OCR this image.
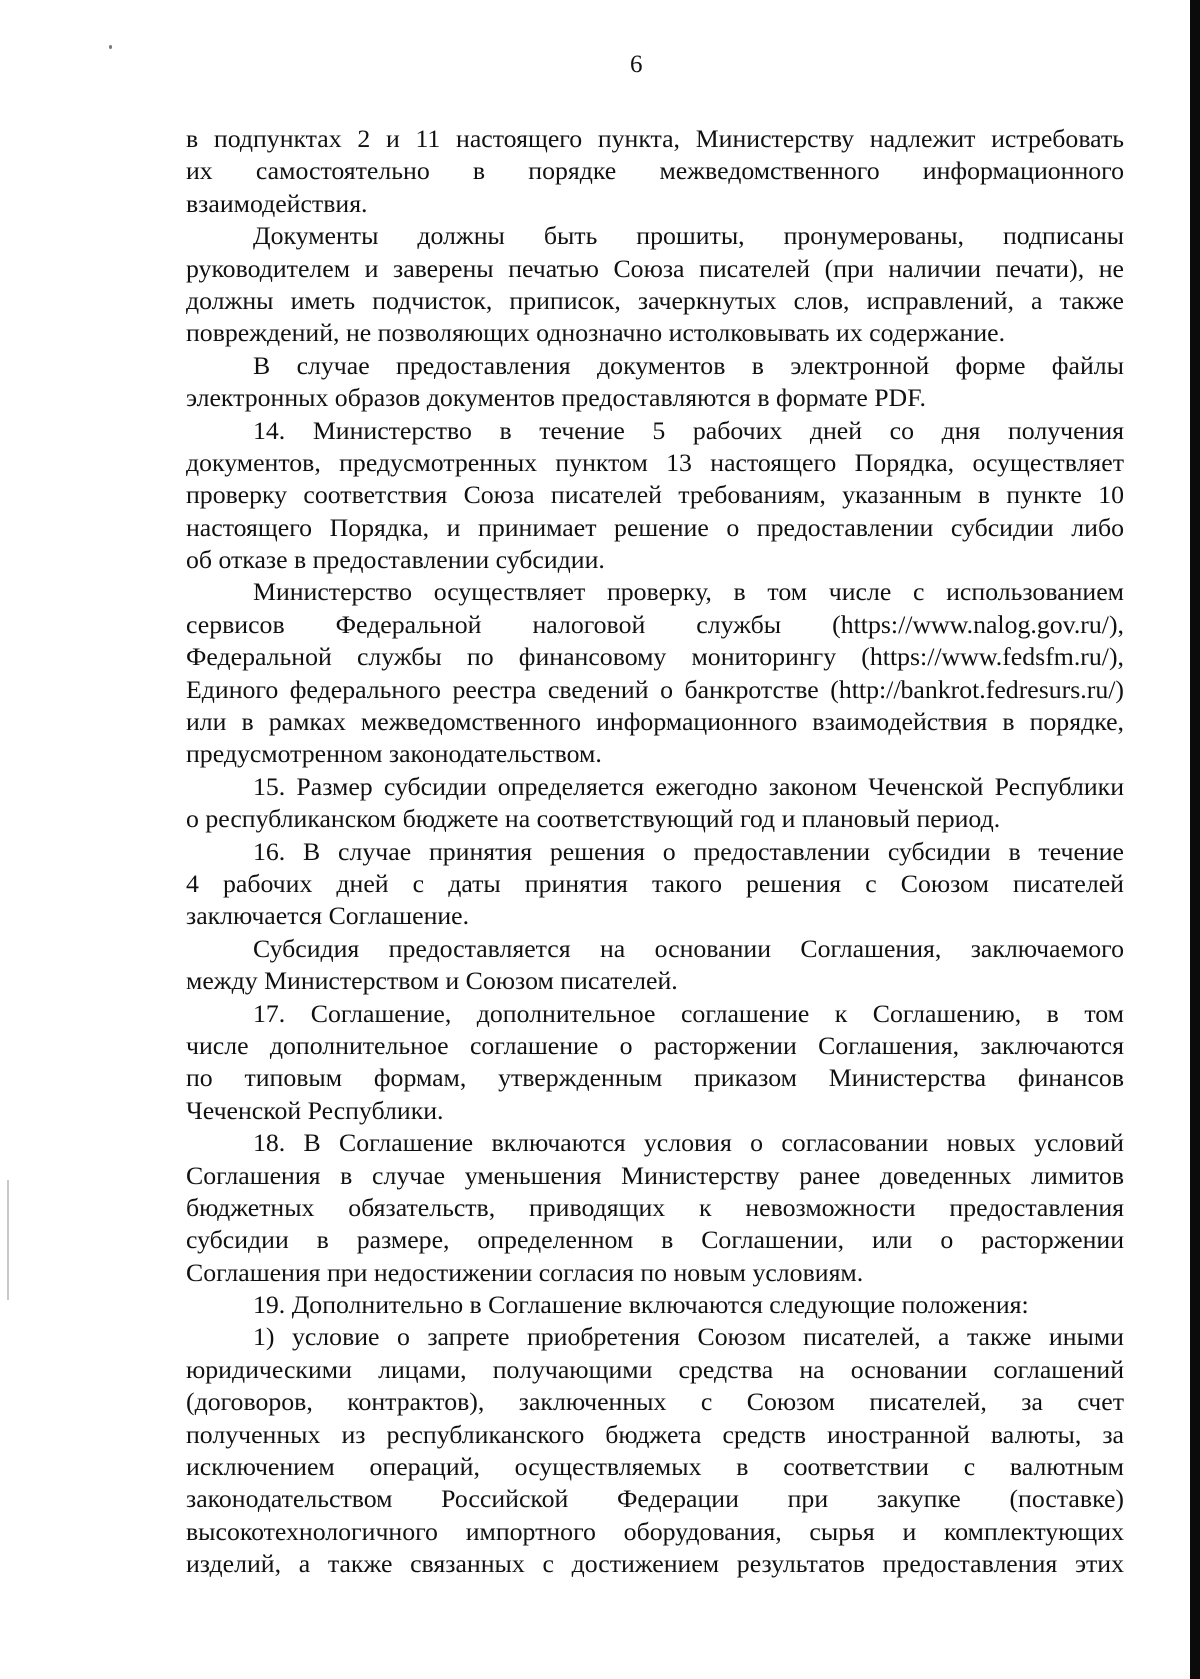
6
в подпунктах 2 и 11 настоящего пункта, Министерству надлежит истребовать
их самостоятельно в порядке межведомственного информационного
взаимодействия.
Документы должны быть прошиты, пронумерованы, подписаны
руководителем и заверены печатью Союза писателей (при наличии печати), не
должны иметь подчисток, приписок, зачеркнутых слов, исправлений, а также
повреждений, не позволяющих однозначно истолковывать их содержание.
В случае предоставления документов в электронной форме файлы
электронных образов документов предоставляются в формате PDF.
14. Министерство в течение 5 рабочих дней со дня получения
документов, предусмотренных пунктом 13 настоящего Порядка, осуществляет
проверку соответствия Союза писателей требованиям, указанным в пункте 10
настоящего Порядка, и принимает решение о предоставлении субсидии либо
об отказе в предоставлении субсидии.
Министерство осуществляет проверку, в том числе с использованием
сервисов Федеральной налоговой службы (https://www.nalog.gov.ru/),
Федеральной службы по финансовому мониторингу (https://www.fedsfm.ru/),
Единого федерального реестра сведений о банкротстве (http://bankrot.fedresurs.ru/)
или в рамках межведомственного информационного взаимодействия в порядке,
предусмотренном законодательством.
15. Размер субсидии определяется ежегодно законом Чеченской Республики
о республиканском бюджете на соответствующий год и плановый период.
16. В случае принятия решения о предоставлении субсидии в течение
4 рабочих дней с даты принятия такого решения с Союзом писателей
заключается Соглашение.
Субсидия предоставляется на основании Соглашения, заключаемого
между Министерством и Союзом писателей.
17. Соглашение, дополнительное соглашение к Соглашению, в том
числе дополнительное соглашение о расторжении Соглашения, заключаются
по типовым формам, утвержденным приказом Министерства финансов
Чеченской Республики.
18. В Соглашение включаются условия о согласовании новых условий
Соглашения в случае уменьшения Министерству ранее доведенных лимитов
бюджетных обязательств, приводящих к невозможности предоставления
субсидии в размере, определенном в Соглашении, или о расторжении
Соглашения при недостижении согласия по новым условиям.
19. Дополнительно в Соглашение включаются следующие положения:
1) условие о запрете приобретения Союзом писателей, а также иными
юридическими лицами, получающими средства на основании соглашений
(договоров, контрактов), заключенных с Союзом писателей, за счет
полученных из республиканского бюджета средств иностранной валюты, за
исключением операций, осуществляемых в соответствии с валютным
законодательством Российской Федерации при закупке (поставке)
высокотехнологичного импортного оборудования, сырья и комплектующих
изделий, а также связанных с достижением результатов предоставления этих
